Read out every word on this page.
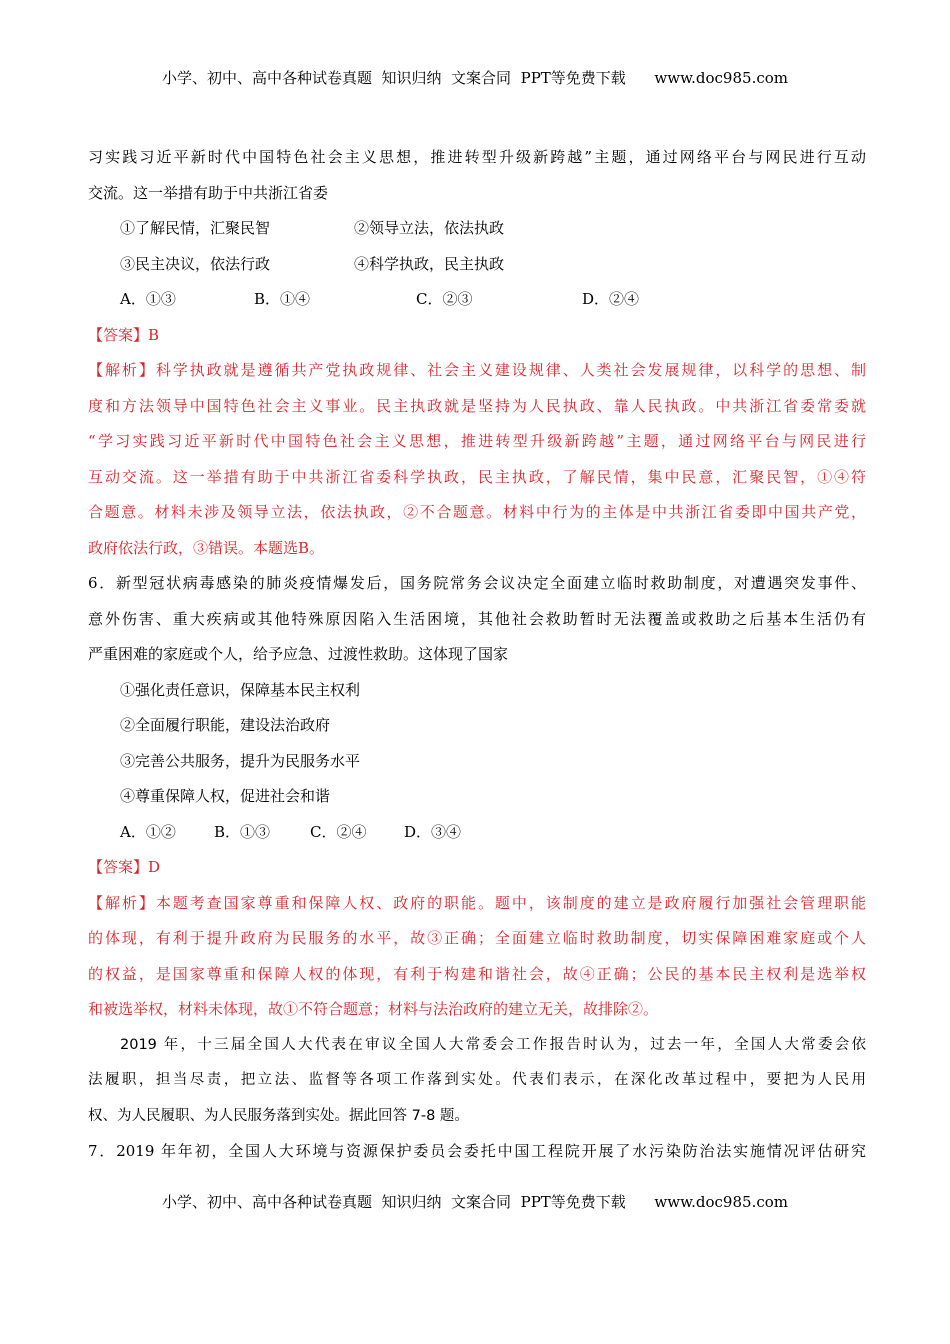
小学、初中、高中各种试卷真题  知识归纳  文案合同  PPT等免费下载      www.doc985.com
习实践习近平新时代中国特色社会主义思想，推进转型升级新跨越”主题，通过网络平台与网民进行互动
交流。这一举措有助于中共浙江省委
①了解民情，汇聚民智	②领导立法，依法执政
③民主决议，依法行政	④科学执政，民主执政
A．①③	B．①④	C．②③	D．②④
【答案】B
【解析】科学执政就是遵循共产党执政规律、社会主义建设规律、人类社会发展规律，以科学的思想、制
度和方法领导中国特色社会主义事业。民主执政就是坚持为人民执政、靠人民执政。中共浙江省委常委就
“学习实践习近平新时代中国特色社会主义思想，推进转型升级新跨越”主题，通过网络平台与网民进行
互动交流。这一举措有助于中共浙江省委科学执政，民主执政，了解民情，集中民意，汇聚民智，①④符
合题意。材料未涉及领导立法，依法执政，②不合题意。材料中行为的主体是中共浙江省委即中国共产党，
政府依法行政，③错误。本题选B。
6．新型冠状病毒感染的肺炎疫情爆发后，国务院常务会议决定全面建立临时救助制度，对遭遇突发事件、
意外伤害、重大疾病或其他特殊原因陷入生活困境，其他社会救助暂时无法覆盖或救助之后基本生活仍有
严重困难的家庭或个人，给予应急、过渡性救助。这体现了国家
①强化责任意识，保障基本民主权利
②全面履行职能，建设法治政府
③完善公共服务，提升为民服务水平
④尊重保障人权，促进社会和谐
A．①②	B．①③	C．②④	D．③④
【答案】D
【解析】本题考查国家尊重和保障人权、政府的职能。题中，该制度的建立是政府履行加强社会管理职能
的体现，有利于提升政府为民服务的水平，故③正确；全面建立临时救助制度，切实保障困难家庭或个人
的权益，是国家尊重和保障人权的体现，有利于构建和谐社会，故④正确；公民的基本民主权利是选举权
和被选举权，材料未体现，故①不符合题意；材料与法治政府的建立无关，故排除②。
2019 年，十三届全国人大代表在审议全国人大常委会工作报告时认为，过去一年，全国人大常委会依
法履职，担当尽责，把立法、监督等各项工作落到实处。代表们表示，在深化改革过程中，要把为人民用
权、为人民履职、为人民服务落到实处。据此回答 7-8 题。
7．2019 年年初，全国人大环境与资源保护委员会委托中国工程院开展了水污染防治法实施情况评估研究
小学、初中、高中各种试卷真题  知识归纳  文案合同  PPT等免费下载      www.doc985.com
